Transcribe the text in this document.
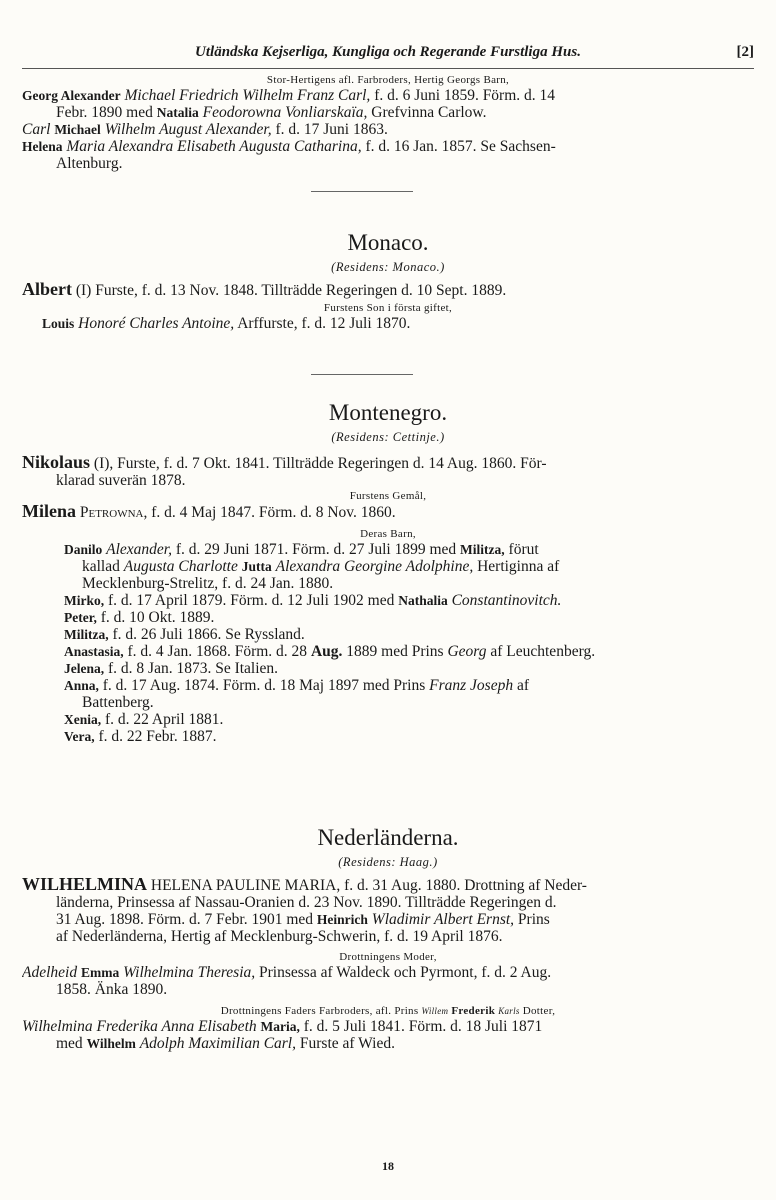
Utländska Kejserliga, Kungliga och Regerande Furstliga Hus.	[2]
Stor-Hertigens afl. Farbroders, Hertig Georgs Barn,
Georg Alexander Michael Friedrich Wilhelm Franz Carl, f. d. 6 Juni 1859. Förm. d. 14
Febr. 1890 med Natalia Feodorowna Vonliarskaïa, Grefvinna Carlow.
Carl Michael Wilhelm August Alexander, f. d. 17 Juni 1863.
Helena Maria Alexandra Elisabeth Augusta Catharina, f. d. 16 Jan. 1857. Se Sachsen-
Altenburg.
Monaco.
(Residens: Monaco.)
Albert (I) Furste, f. d. 13 Nov. 1848. Tillträdde Regeringen d. 10 Sept. 1889.
Furstens Son i första giftet,
Louis Honoré Charles Antoine, Arffurste, f. d. 12 Juli 1870.
Montenegro.
(Residens: Cettinje.)
Nikolaus (I), Furste, f. d. 7 Okt. 1841. Tillträdde Regeringen d. 14 Aug. 1860. För-
klarad suverän 1878.
Furstens Gemål,
Milena Petrowna, f. d. 4 Maj 1847. Förm. d. 8 Nov. 1860.
Deras Barn,
Danilo Alexander, f. d. 29 Juni 1871. Förm. d. 27 Juli 1899 med Militza, förut
kallad Augusta Charlotte Jutta Alexandra Georgine Adolphine, Hertiginna af
Mecklenburg-Strelitz, f. d. 24 Jan. 1880.
Mirko, f. d. 17 April 1879. Förm. d. 12 Juli 1902 med Nathalia Constantinovitch.
Peter, f. d. 10 Okt. 1889.
Militza, f. d. 26 Juli 1866. Se Ryssland.
Anastasia, f. d. 4 Jan. 1868. Förm. d. 28 Aug. 1889 med Prins Georg af Leuchtenberg.
Jelena, f. d. 8 Jan. 1873. Se Italien.
Anna, f. d. 17 Aug. 1874. Förm. d. 18 Maj 1897 med Prins Franz Joseph af
Battenberg.
Xenia, f. d. 22 April 1881.
Vera, f. d. 22 Febr. 1887.
Nederländerna.
(Residens: Haag.)
WILHELMINA HELENA PAULINE MARIA, f. d. 31 Aug. 1880. Drottning af Neder-
länderna, Prinsessa af Nassau-Oranien d. 23 Nov. 1890. Tillträdde Regeringen d.
31 Aug. 1898. Förm. d. 7 Febr. 1901 med Heinrich Wladimir Albert Ernst, Prins
af Nederländerna, Hertig af Mecklenburg-Schwerin, f. d. 19 April 1876.
Drottningens Moder,
Adelheid Emma Wilhelmina Theresia, Prinsessa af Waldeck och Pyrmont, f. d. 2 Aug.
1858. Änka 1890.
Drottningens Faders Farbroders, afl. Prins Willem Frederik Karls Dotter,
Wilhelmina Frederika Anna Elisabeth Maria, f. d. 5 Juli 1841. Förm. d. 18 Juli 1871
med Wilhelm Adolph Maximilian Carl, Furste af Wied.
18
